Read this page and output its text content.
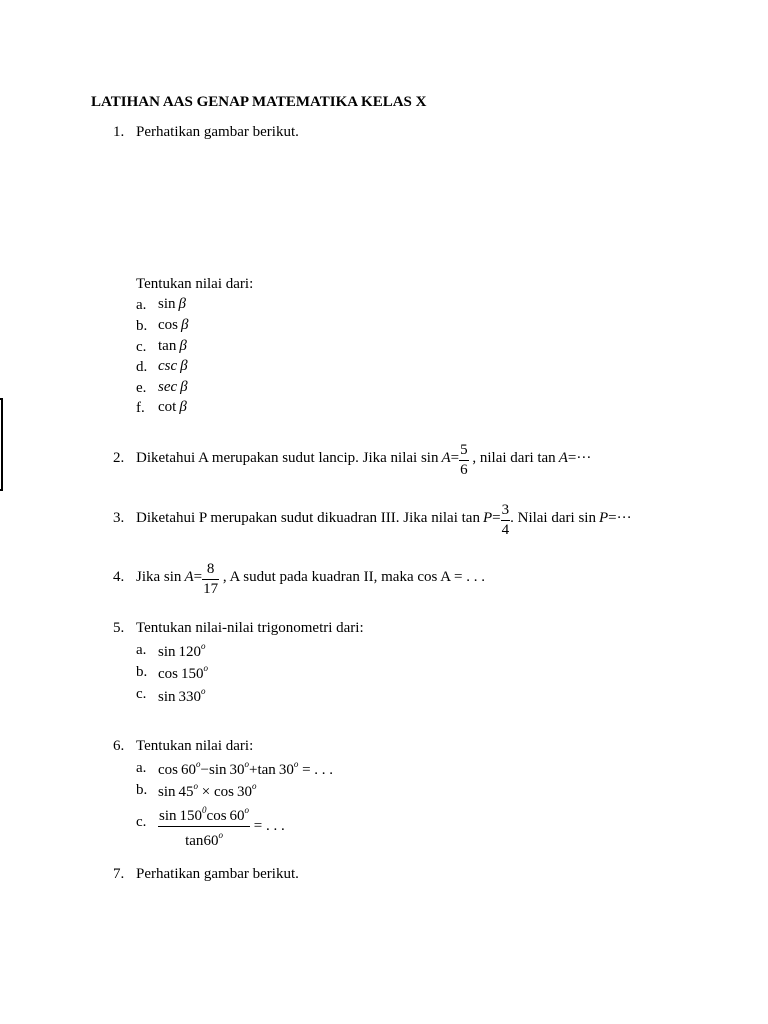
LATIHAN AAS GENAP MATEMATIKA KELAS X
1. Perhatikan gambar berikut.
Tentukan nilai dari:
a. sin  β
b. cos  β
c. tan  β
d. csc  β
e. sec  β
f. cot  β
2. Diketahui A merupakan sudut lancip. Jika nilai $\sin A= \frac{5}{6}$ , nilai dari tan  A=···
3. Diketahui P merupakan sudut dikuadran III. Jika nilai $\tan P= \frac{3}{4}$ . Nilai dari sin  P=···
4. Jika $\sin A= \frac{8}{17}$ , A sudut pada kuadran II, maka cos A = . . .
5. Tentukan nilai-nilai trigonometri dari:
a. sin  120$^o$
b. cos  150$^o$
c. sin  330$^o$
6. Tentukan nilai dari:
a. $\cos 60^o-\sin$  $30^o+\tan$  $30^o$ = . . .
b. $\sin 45^o \times \cos 30^o$
c. $\frac{\sin 150^0\cos 60^o}{\tan 60^o}$ = . . .
7. Perhatikan gambar berikut.
